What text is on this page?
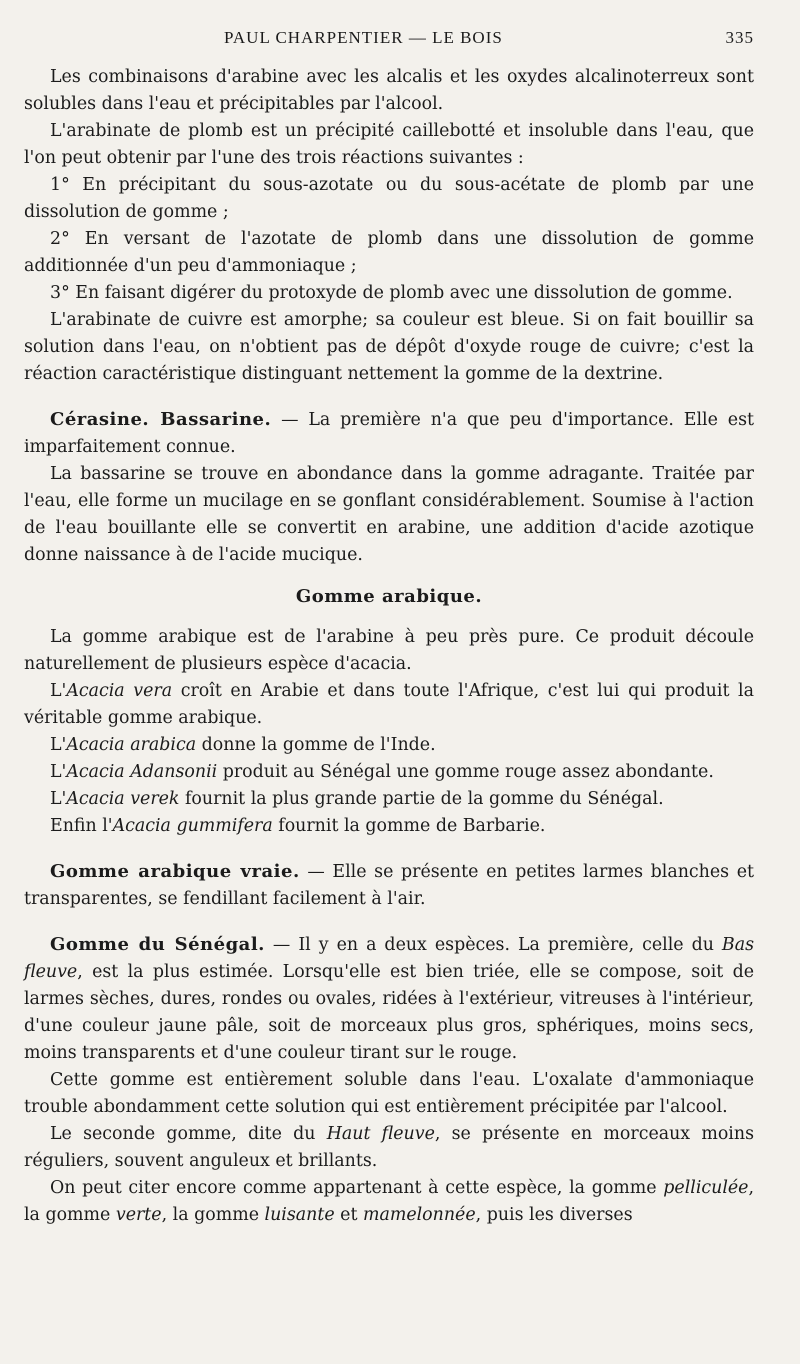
PAUL CHARPENTIER — LE BOIS	335

Les combinaisons d'arabine avec les alcalis et les oxydes alcalinoterreux sont solubles dans l'eau et précipitables par l'alcool.

L'arabinate de plomb est un précipité caillebotté et insoluble dans l'eau, que l'on peut obtenir par l'une des trois réactions suivantes :

1° En précipitant du sous-azotate ou du sous-acétate de plomb par une dissolution de gomme ;

2° En versant de l'azotate de plomb dans une dissolution de gomme additionnée d'un peu d'ammoniaque ;

3° En faisant digérer du protoxyde de plomb avec une dissolution de gomme.

L'arabinate de cuivre est amorphe; sa couleur est bleue. Si on fait bouillir sa solution dans l'eau, on n'obtient pas de dépôt d'oxyde rouge de cuivre; c'est la réaction caractéristique distinguant nettement la gomme de la dextrine.

Cérasine. Bassarine. — La première n'a que peu d'importance. Elle est imparfaitement connue.

La bassarine se trouve en abondance dans la gomme adragante. Traitée par l'eau, elle forme un mucilage en se gonflant considérablement. Soumise à l'action de l'eau bouillante elle se convertit en arabine, une addition d'acide azotique donne naissance à de l'acide mucique.

Gomme arabique.

La gomme arabique est de l'arabine à peu près pure. Ce produit découle naturellement de plusieurs espèce d'acacia.

L'Acacia vera croît en Arabie et dans toute l'Afrique, c'est lui qui produit la véritable gomme arabique.

L'Acacia arabica donne la gomme de l'Inde.

L'Acacia Adansonii produit au Sénégal une gomme rouge assez abondante.

L'Acacia verek fournit la plus grande partie de la gomme du Sénégal.

Enfin l'Acacia gummifera fournit la gomme de Barbarie.

Gomme arabique vraie. — Elle se présente en petites larmes blanches et transparentes, se fendillant facilement à l'air.

Gomme du Sénégal. — Il y en a deux espèces. La première, celle du Bas fleuve, est la plus estimée. Lorsqu'elle est bien triée, elle se compose, soit de larmes sèches, dures, rondes ou ovales, ridées à l'extérieur, vitreuses à l'intérieur, d'une couleur jaune pâle, soit de morceaux plus gros, sphériques, moins secs, moins transparents et d'une couleur tirant sur le rouge.

Cette gomme est entièrement soluble dans l'eau. L'oxalate d'ammoniaque trouble abondamment cette solution qui est entièrement précipitée par l'alcool.

Le seconde gomme, dite du Haut fleuve, se présente en morceaux moins réguliers, souvent anguleux et brillants.

On peut citer encore comme appartenant à cette espèce, la gomme pelliculée, la gomme verte, la gomme luisante et mamelonnée, puis les diverses
